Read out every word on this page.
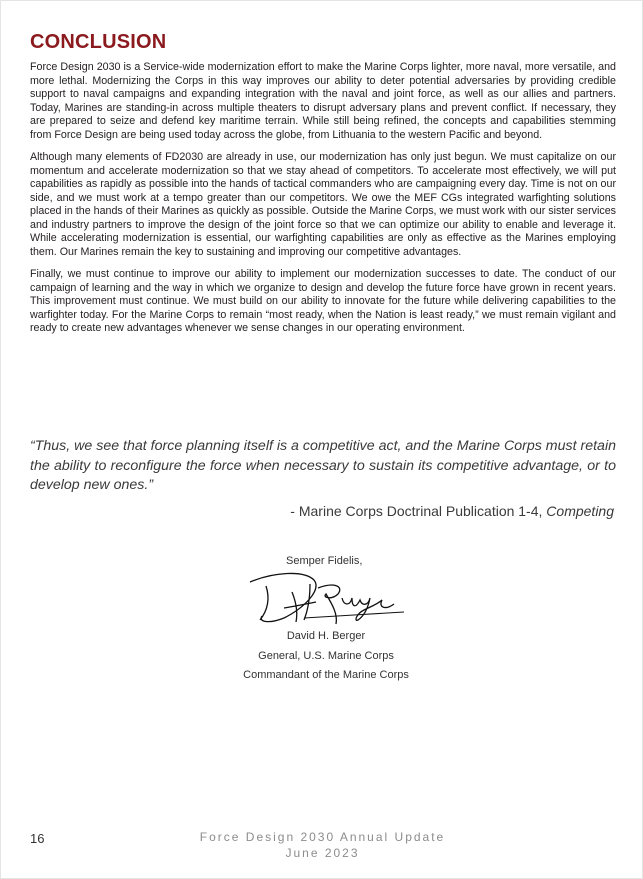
CONCLUSION

Force Design 2030 is a Service-wide modernization effort to make the Marine Corps lighter, more naval, more versatile, and more lethal. Modernizing the Corps in this way improves our ability to deter potential adversaries by providing credible support to naval campaigns and expanding integration with the naval and joint force, as well as our allies and partners. Today, Marines are standing-in across multiple theaters to disrupt adversary plans and prevent conflict. If necessary, they are prepared to seize and defend key maritime terrain. While still being refined, the concepts and capabilities stemming from Force Design are being used today across the globe, from Lithuania to the western Pacific and beyond.

Although many elements of FD2030 are already in use, our modernization has only just begun. We must capitalize on our momentum and accelerate modernization so that we stay ahead of competitors. To accelerate most effectively, we will put capabilities as rapidly as possible into the hands of tactical commanders who are campaigning every day. Time is not on our side, and we must work at a tempo greater than our competitors. We owe the MEF CGs integrated warfighting solutions placed in the hands of their Marines as quickly as possible. Outside the Marine Corps, we must work with our sister services and industry partners to improve the design of the joint force so that we can optimize our ability to enable and leverage it. While accelerating modernization is essential, our warfighting capabilities are only as effective as the Marines employing them. Our Marines remain the key to sustaining and improving our competitive advantages.

Finally, we must continue to improve our ability to implement our modernization successes to date. The conduct of our campaign of learning and the way in which we organize to design and develop the future force have grown in recent years. This improvement must continue. We must build on our ability to innovate for the future while delivering capabilities to the warfighter today. For the Marine Corps to remain “most ready, when the Nation is least ready,” we must remain vigilant and ready to create new advantages whenever we sense changes in our operating environment.

“Thus, we see that force planning itself is a competitive act, and the Marine Corps must retain the ability to reconfigure the force when necessary to sustain its competitive advantage, or to develop new ones.”
- Marine Corps Doctrinal Publication 1-4, Competing
Semper Fidelis,
David H. Berger
General, U.S. Marine Corps
Commandant of the Marine Corps
16	Force Design 2030 Annual Update
June 2023
